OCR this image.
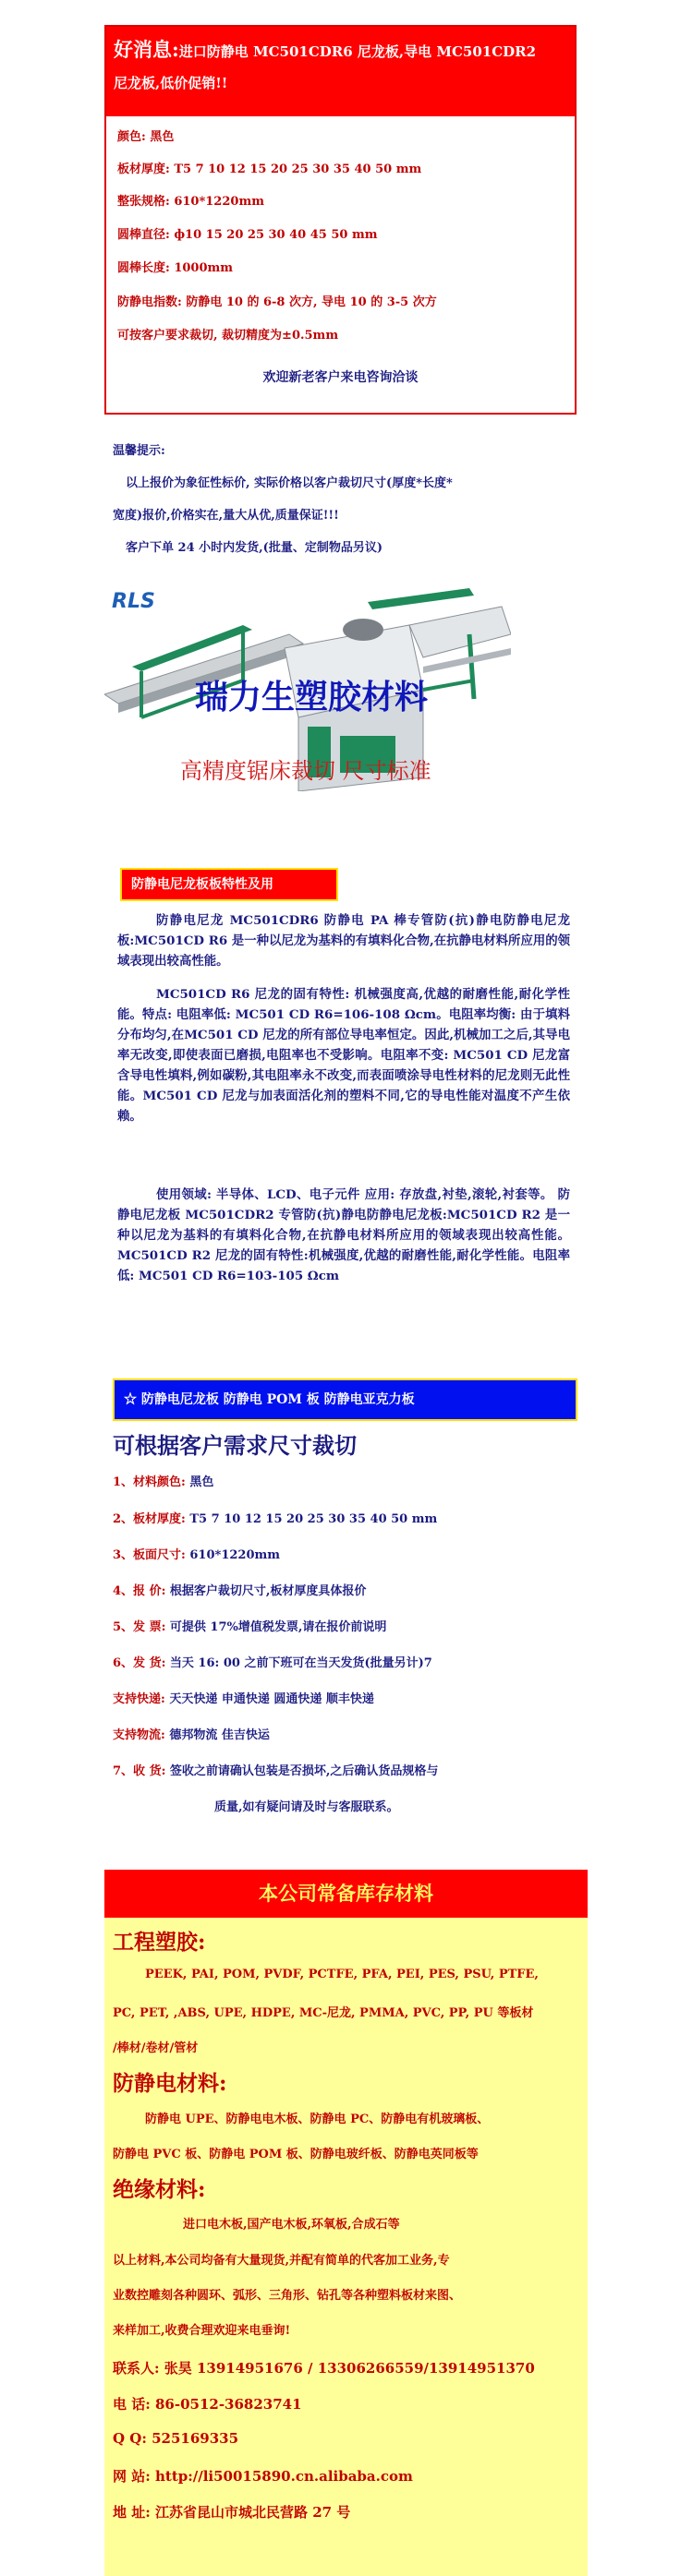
好消息:进口防静电 MC501CDR6 尼龙板,导电 MC501CDR2
尼龙板,低价促销!!
颜色: 黑色
板材厚度: T5 7 10 12 15 20 25 30 35 40 50 mm
整张规格: 610*1220mm
圆棒直径: ф10 15 20 25 30 40 45 50 mm
圆棒长度: 1000mm
防静电指数: 防静电 10 的 6-8 次方, 导电 10 的 3-5 次方
可按客户要求裁切, 裁切精度为±0.5mm
欢迎新老客户来电咨询洽谈
温馨提示:
以上报价为象征性标价, 实际价格以客户裁切尺寸(厚度*长度*
宽度)报价,价格实在,量大从优,质量保证!!!
客户下单 24 小时内发货,(批量、定制物品另议)
RLS
瑞力生塑胶材料
高精度锯床裁切 尺寸标准
防静电尼龙板板特性及用
防静电尼龙 MC501CDR6 防静电 PA 棒专管防(抗)静电防静电尼龙板:MC501CD R6 是一种以尼龙为基料的有填料化合物,在抗静电材料所应用的领域表现出较高性能。
MC501CD R6 尼龙的固有特性: 机械强度高,优越的耐磨性能,耐化学性能。特点: 电阻率低: MC501 CD R6=106-108 Ωcm。电阻率均衡: 由于填料分布均匀,在MC501 CD 尼龙的所有部位导电率恒定。因此,机械加工之后,其导电率无改变,即使表面已磨损,电阻率也不受影响。电阻率不变: MC501 CD 尼龙富含导电性填料,例如碳粉,其电阻率永不改变,而表面喷涂导电性材料的尼龙则无此性能。MC501 CD 尼龙与加表面活化剂的塑料不同,它的导电性能对温度不产生依赖。
使用领域: 半导体、LCD、电子元件 应用: 存放盘,衬垫,滚轮,衬套等。 防静电尼龙板 MC501CDR2 专管防(抗)静电防静电尼龙板:MC501CD R2 是一种以尼龙为基料的有填料化合物,在抗静电材料所应用的领域表现出较高性能。MC501CD R2 尼龙的固有特性:机械强度,优越的耐磨性能,耐化学性能。电阻率低: MC501 CD R6=103-105 Ωcm
☆ 防静电尼龙板 防静电 POM 板 防静电亚克力板
可根据客户需求尺寸裁切
1、材料颜色: 黑色
2、板材厚度: T5 7 10 12 15 20 25 30 35 40 50 mm
3、板面尺寸: 610*1220mm
4、报 价: 根据客户裁切尺寸,板材厚度具体报价
5、发 票: 可提供 17%增值税发票,请在报价前说明
6、发 货: 当天 16: 00 之前下班可在当天发货(批量另计)7
支持快递: 天天快递 申通快递 圆通快递 顺丰快递
支持物流: 德邦物流 佳吉快运
7、收 货: 签收之前请确认包装是否损坏,之后确认货品规格与
质量,如有疑问请及时与客服联系。
本公司常备库存材料
工程塑胶:
PEEK, PAI, POM, PVDF, PCTFE, PFA, PEI, PES, PSU, PTFE,
PC, PET, ,ABS, UPE, HDPE, MC-尼龙, PMMA, PVC, PP, PU 等板材
/棒材/卷材/管材
防静电材料:
防静电 UPE、防静电电木板、防静电 PC、防静电有机玻璃板、
防静电 PVC 板、防静电 POM 板、防静电玻纤板、防静电英同板等
绝缘材料:
进口电木板,国产电木板,环氧板,合成石等
以上材料,本公司均备有大量现货,并配有简单的代客加工业务,专
业数控雕刻各种圆环、弧形、三角形、钻孔等各种塑料板材来图、
来样加工,收费合理欢迎来电垂询!
联系人: 张昊 13914951676 / 13306266559/13914951370
电 话: 86-0512-36823741
Q Q: 525169335
网 站: http://li50015890.cn.alibaba.com
地 址: 江苏省昆山市城北民营路 27 号
